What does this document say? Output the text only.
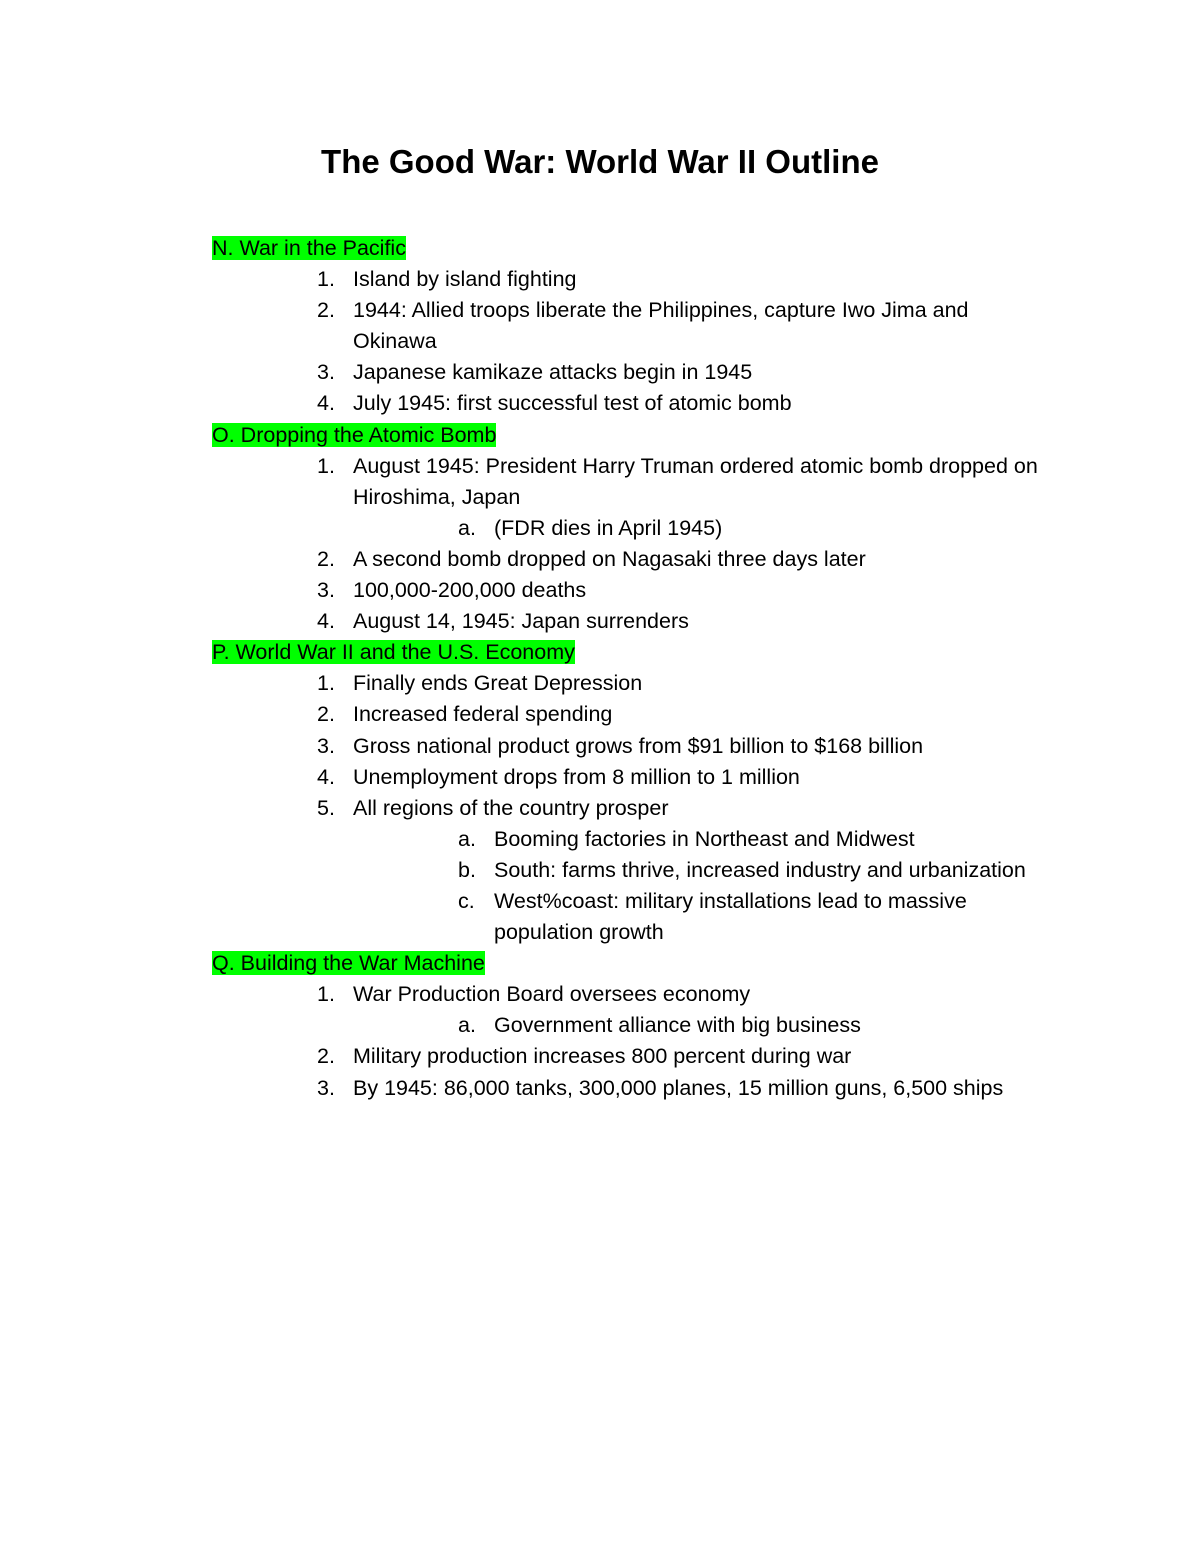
The Good War: World War II Outline
N. War in the Pacific
1. Island by island fighting
2. 1944: Allied troops liberate the Philippines, capture Iwo Jima and Okinawa
3. Japanese kamikaze attacks begin in 1945
4. July 1945: first successful test of atomic bomb
O. Dropping the Atomic Bomb
1. August 1945: President Harry Truman ordered atomic bomb dropped on Hiroshima, Japan
a. (FDR dies in April 1945)
2. A second bomb dropped on Nagasaki three days later
3. 100,000-200,000 deaths
4. August 14, 1945: Japan surrenders
P. World War II and the U.S. Economy
1. Finally ends Great Depression
2. Increased federal spending
3. Gross national product grows from $91 billion to $168 billion
4. Unemployment drops from 8 million to 1 million
5. All regions of the country prosper
a. Booming factories in Northeast and Midwest
b. South: farms thrive, increased industry and urbanization
c. West%coast: military installations lead to massive population growth
Q. Building the War Machine
1. War Production Board oversees economy
a. Government alliance with big business
2. Military production increases 800 percent during war
3. By 1945: 86,000 tanks, 300,000 planes, 15 million guns, 6,500 ships
